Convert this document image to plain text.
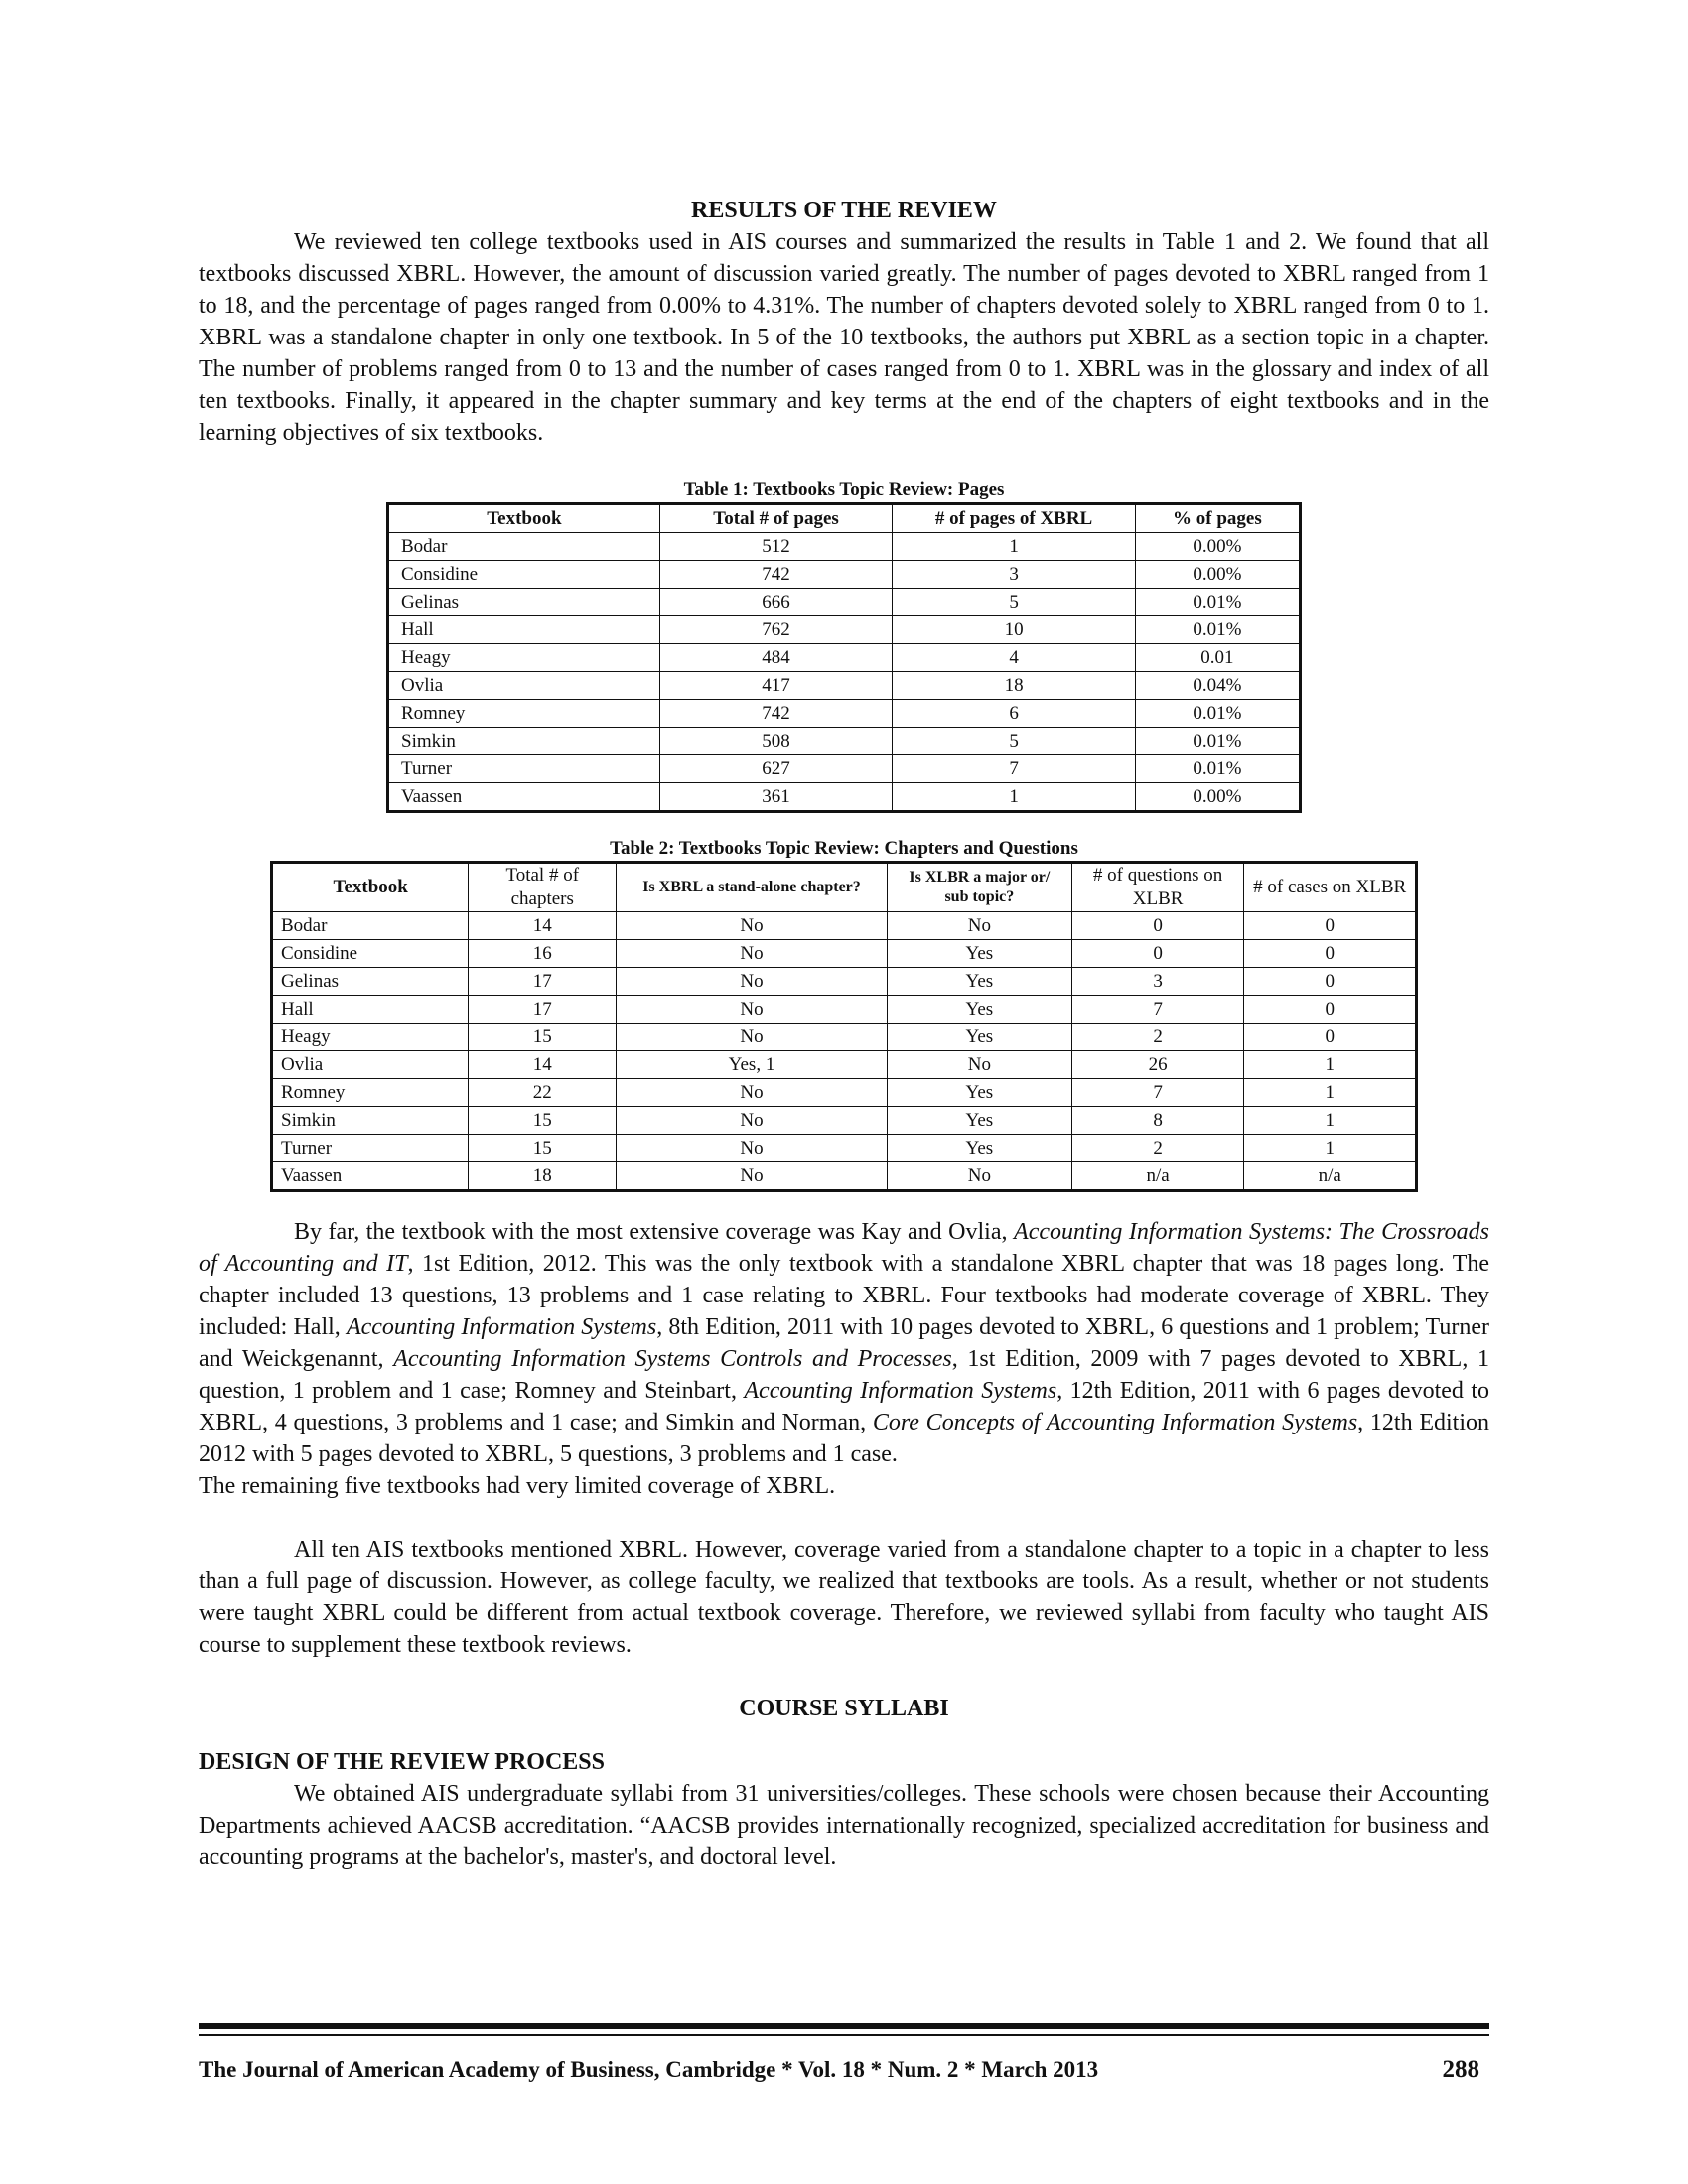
RESULTS OF THE REVIEW

We reviewed ten college textbooks used in AIS courses and summarized the results in Table 1 and 2. We found that all textbooks discussed XBRL. However, the amount of discussion varied greatly. The number of pages devoted to XBRL ranged from 1 to 18, and the percentage of pages ranged from 0.00% to 4.31%. The number of chapters devoted solely to XBRL ranged from 0 to 1. XBRL was a standalone chapter in only one textbook. In 5 of the 10 textbooks, the authors put XBRL as a section topic in a chapter. The number of problems ranged from 0 to 13 and the number of cases ranged from 0 to 1. XBRL was in the glossary and index of all ten textbooks. Finally, it appeared in the chapter summary and key terms at the end of the chapters of eight textbooks and in the learning objectives of six textbooks.

Table 1: Textbooks Topic Review: Pages

Textbook	Total # of pages	# of pages of XBRL	% of pages
Bodar	512	1	0.00%
Considine	742	3	0.00%
Gelinas	666	5	0.01%
Hall	762	10	0.01%
Heagy	484	4	0.01
Ovlia	417	18	0.04%
Romney	742	6	0.01%
Simkin	508	5	0.01%
Turner	627	7	0.01%
Vaassen	361	1	0.00%

Table 2: Textbooks Topic Review: Chapters and Questions

Textbook	Total # of chapters	Is XBRL a stand-alone chapter?	Is XLBR a major or/ sub topic?	# of questions on XLBR	# of cases on XLBR
Bodar	14	No	No	0	0
Considine	16	No	Yes	0	0
Gelinas	17	No	Yes	3	0
Hall	17	No	Yes	7	0
Heagy	15	No	Yes	2	0
Ovlia	14	Yes, 1	No	26	1
Romney	22	No	Yes	7	1
Simkin	15	No	Yes	8	1
Turner	15	No	Yes	2	1
Vaassen	18	No	No	n/a	n/a

By far, the textbook with the most extensive coverage was Kay and Ovlia, Accounting Information Systems: The Crossroads of Accounting and IT, 1st Edition, 2012. This was the only textbook with a standalone XBRL chapter that was 18 pages long. The chapter included 13 questions, 13 problems and 1 case relating to XBRL. Four textbooks had moderate coverage of XBRL. They included: Hall, Accounting Information Systems, 8th Edition, 2011 with 10 pages devoted to XBRL, 6 questions and 1 problem; Turner and Weickgenannt, Accounting Information Systems Controls and Processes, 1st Edition, 2009 with 7 pages devoted to XBRL, 1 question, 1 problem and 1 case; Romney and Steinbart, Accounting Information Systems, 12th Edition, 2011 with 6 pages devoted to XBRL, 4 questions, 3 problems and 1 case; and Simkin and Norman, Core Concepts of Accounting Information Systems, 12th Edition 2012 with 5 pages devoted to XBRL, 5 questions, 3 problems and 1 case.

The remaining five textbooks had very limited coverage of XBRL.

All ten AIS textbooks mentioned XBRL. However, coverage varied from a standalone chapter to a topic in a chapter to less than a full page of discussion. However, as college faculty, we realized that textbooks are tools. As a result, whether or not students were taught XBRL could be different from actual textbook coverage. Therefore, we reviewed syllabi from faculty who taught AIS course to supplement these textbook reviews.

COURSE SYLLABI

DESIGN OF THE REVIEW PROCESS

We obtained AIS undergraduate syllabi from 31 universities/colleges. These schools were chosen because their Accounting Departments achieved AACSB accreditation. “AACSB provides internationally recognized, specialized accreditation for business and accounting programs at the bachelor's, master's, and doctoral level.

The Journal of American Academy of Business, Cambridge * Vol. 18 * Num. 2 * March 2013	288
